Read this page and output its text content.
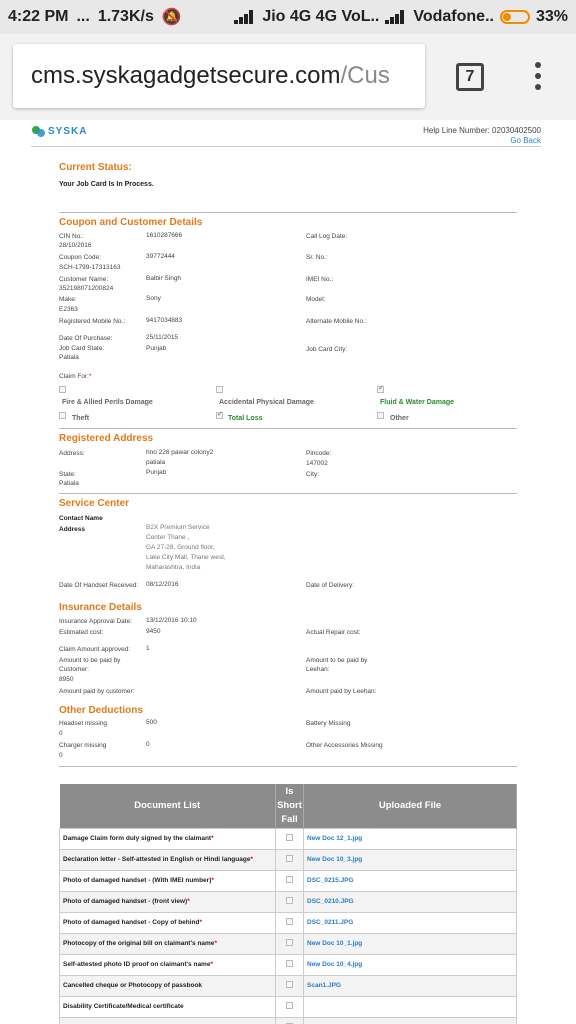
4:22 PM ... 1.73K/s 🔕	Jio 4G 4G VoL.. Vodafone..	33%
cms.syskagadgetsecure.com/Cus	7
SYSKA	Help Line Number: 02030402500
Go Back
Current Status:
Your Job Card Is In Process.
Coupon and Customer Details
CIN No.:	1610287666	Call Log Date:
28/10/2016
Coupon Code:	39772444	Sr. No.:
SCH-1799-17313163
Customer Name:	Balbir Singh	IMEI No.:
352198071200824
Make:	Sony	Model:
E2363
Registered Mobile No.:	9417034883	Alternate Mobile No.:
Date Of Purchase:	25/11/2015
Job Card State:	Punjab	Job Card City:
Patiala
Claim For:*
✓
Fire & Allied Perils Damage	Accidental Physical Damage	Fluid & Water Damage
Theft ✓	Total Loss	Other
Registered Address
Address:	hno 226 pawar colony2
patiala
Pincode:
147002
State:	Punjab	City:
Patiala
Service Center
Contact Name
Address	B2X Premium Service
Center Thane ,
GA 27-28, Ground floor,
Lake City Mall, Thane west,
Maharashtra, India
Date Of Handset Received: 08/12/2016	Date of Delivery:
Insurance Details
Insurance Approval Date: 13/12/2016 10:10
Estimated cost:	9450	Actual Repair cost:
Claim Amount approved: 1
Amount to be paid by
Customer:
8950
Amount to be paid by
Leehan:
Amount paid by customer:	Amount paid by Leehan:
Other Deductions
Headset missing	500	Battery Missing
0
Charger missing	0	Other Accessories Missing
0
Document List	Is Short Fall	Uploaded File
Damage Claim form duly signed by the claimant*		New Doc 12_1.jpg
Declaration letter - Self-attested in English or Hindi language*		New Doc 10_3.jpg
Photo of damaged handset - (With IMEI number)*		DSC_0215.JPG
Photo of damaged handset - (front view)*		DSC_0210.JPG
Photo of damaged handset - Copy of behind*		DSC_0211.JPG
Photocopy of the original bill on claimant's name*		New Doc 10_1.jpg
Self-attested photo ID proof on claimant's name*		New Doc 10_4.jpg
Cancelled cheque or Photocopy of passbook		Scan1.JPG
Disability Certificate/Medical certificate		
